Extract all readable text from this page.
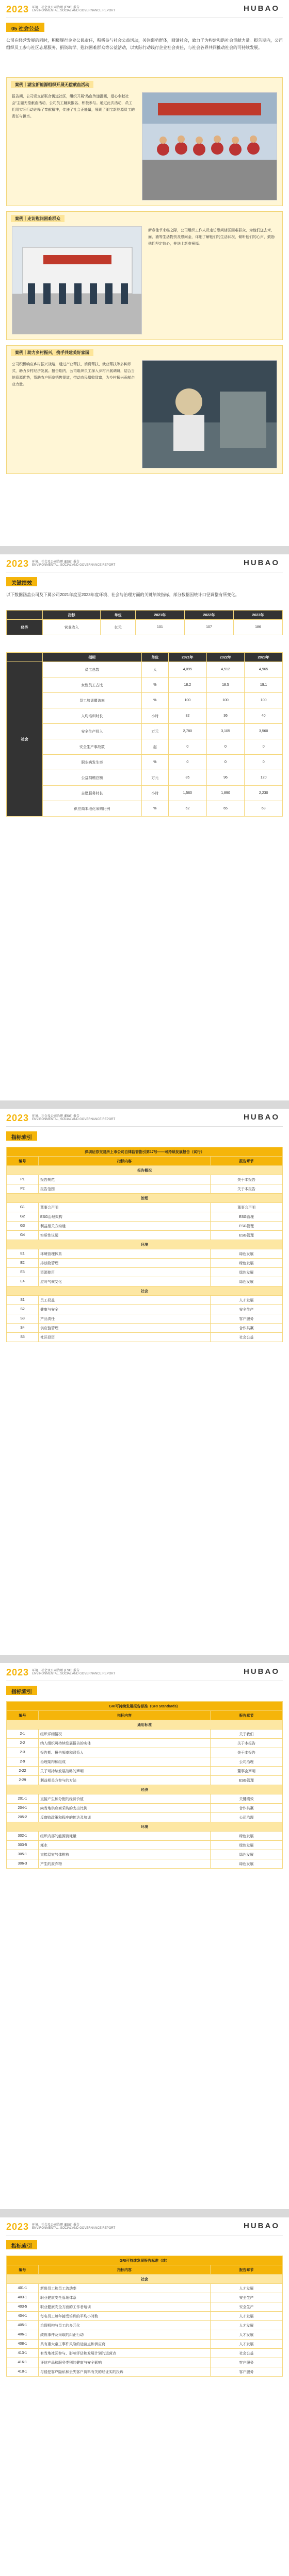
2023 环境、社会及公司治理 (ESG) 报告
ENVIRONMENTAL, SOCIAL AND GOVERNANCE REPORT	HUBAO
05 社会公益
公司在经营发展的同时，积极履行企业公民责任，积极参与社会公益活动，关注弱势群体，回馈社会，致力于为构建和谐社会贡献力量。报告期内，公司组织员工参与社区志愿服务、捐资助学、慰问困难群众等公益活动，以实际行动践行企业社会责任，与社会各界共同推动社会的可持续发展。
案例｜湖宝新能源组织开展无偿献血活动
报告期，公司党支部联合街道社区，组织开展“热血传递温暖，爱心奉献社会”主题无偿献血活动，公司员工踊跃报名、积极参与。通过此次活动，员工们用实际行动诠释了奉献精神，传递了社会正能量，展现了湖宝新能源员工的责任与担当。
案例｜走访慰问困难群众
新春佳节来临之际，公司组织工作人员走访慰问辖区困难群众，为他们送去米、面、油等生活物资及慰问金，详细了解他们的生活状况，倾听他们的心声，鼓励他们坚定信心，并送上新春祝福。
案例｜助力乡村振兴，携手共建美好家园
公司积极响应乡村振兴战略，通过产业帮扶、消费帮扶、就业帮扶等多种形式，助力乡村经济发展。报告期内，公司组织员工深入乡村开展调研，结合当地资源优势，帮助农户拓宽销售渠道，带动农民增收致富，为乡村振兴贡献企业力量。
2023 环境、社会及公司治理 (ESG) 报告
ENVIRONMENTAL, SOCIAL AND GOVERNANCE REPORT	HUBAO
关键绩效
以下数据涵盖公司及下属公司2021年度至2023年度环境、社会与治理方面的关键绩效指标，部分数据因统计口径调整有所变化。
	指标	单位	2021年	2022年	2023年
经济	营业收入	亿元	101	107	186
	指标	单位	2021年	2022年	2023年
社会	员工总数	人	4,095	4,512	4,965
	女性员工占比	%	18.2	18.5	19.1
	员工培训覆盖率	%	100	100	100
	人均培训时长	小时	32	36	40
	安全生产投入	万元	2,780	3,105	3,560
	安全生产事故数	起	0	0	0
	职业病发生率	%	0	0	0
	公益捐赠总额	万元	85	96	120
	志愿服务时长	小时	1,560	1,890	2,230
	供应商本地化采购比例	%	62	65	68
2023 环境、社会及公司治理 (ESG) 报告
ENVIRONMENTAL, SOCIAL AND GOVERNANCE REPORT	HUBAO
指标索引
深圳证券交易所上市公司自律监管指引第17号——可持续发展报告（试行）		
编号	指标内容	报告章节
报告概况		
P1	报告规范	关于本报告
P2	报告范围	关于本报告
治理		
G1	董事会声明	董事会声明
G2	ESG治理架构	ESG管理
G3	利益相关方沟通	ESG管理
G4	实质性议题	ESG管理
环境		
E1	环境管理体系	绿色发展
E2	排放物管理	绿色发展
E3	资源使用	绿色发展
E4	应对气候变化	绿色发展
社会		
S1	员工权益	人才发展
S2	健康与安全	安全生产
S3	产品责任	客户服务
S4	供应链管理	合作共赢
S5	社区投资	社会公益
2023 环境、社会及公司治理 (ESG) 报告
ENVIRONMENTAL, SOCIAL AND GOVERNANCE REPORT	HUBAO
指标索引
GRI可持续发展报告标准（GRI Standards）		
编号	指标内容	报告章节
通用标准		
2-1	组织详细情况	关于我们
2-2	纳入组织可持续发展报告的实体	关于本报告
2-3	报告期、报告频率和联系人	关于本报告
2-9	治理架构和组成	公司治理
2-22	关于可持续发展战略的声明	董事会声明
2-29	利益相关方参与的方法	ESG管理
经济		
201-1	直接产生和分配的经济价值	关键绩效
204-1	向当地供应商采购的支出比例	合作共赢
205-2	反腐败政策和程序的传达及培训	公司治理
环境		
302-1	组织内部的能源消耗量	绿色发展
303-5	耗水	绿色发展
305-1	直接温室气体排放	绿色发展
306-3	产生的废弃物	绿色发展
2023 环境、社会及公司治理 (ESG) 报告
ENVIRONMENTAL, SOCIAL AND GOVERNANCE REPORT	HUBAO
指标索引
GRI可持续发展报告标准（续）		
编号	指标内容	报告章节
社会		
401-1	新进员工和员工流动率	人才发展
403-1	职业健康安全管理体系	安全生产
403-5	职业健康安全方面的工作者培训	安全生产
404-1	每名员工每年接受培训的平均小时数	人才发展
405-1	治理机构与员工的多元化	人才发展
406-1	歧视事件及采取的纠正行动	人才发展
408-1	具有重大童工事件风险的运营点和供应商	人才发展
413-1	有当地社区参与、影响评估和发展计划的运营点	社会公益
416-1	评估产品和服务类别的健康与安全影响	客户服务
418-1	与侵犯客户隐私和丢失客户资料有关的经证实的投诉	客户服务
